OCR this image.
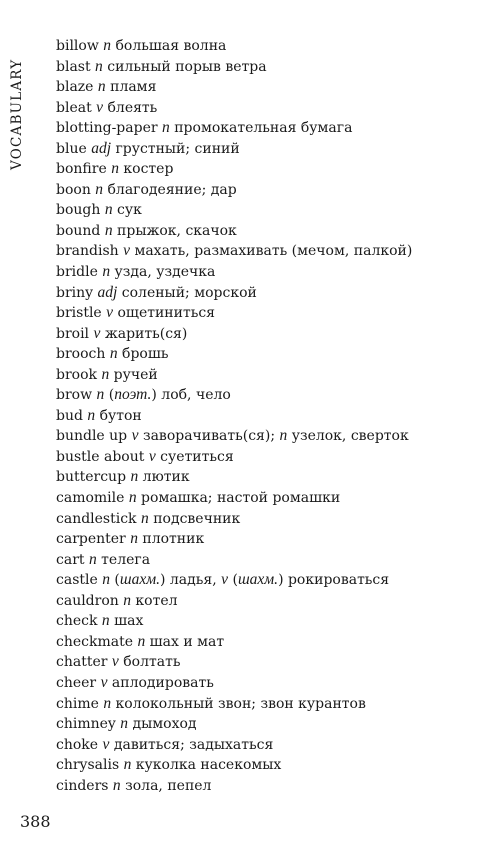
VOCABULARY
billow n большая волна
blast n сильный порыв ветра
blaze n пламя
bleat v блеять
blotting-paper n промокательная бумага
blue adj грустный; синий
bonfire n костер
boon n благодеяние; дар
bough n сук
bound n прыжок, скачок
brandish v махать, размахивать (мечом, палкой)
bridle n узда, уздечка
briny adj соленый; морской
bristle v ощетиниться
broil v жарить(ся)
brooch n брошь
brook n ручей
brow n (поэт.) лоб, чело
bud n бутон
bundle up v заворачивать(ся); n узелок, сверток
bustle about v суетиться
buttercup n лютик
camomile n ромашка; настой ромашки
candlestick n подсвечник
carpenter n плотник
cart n телега
castle n (шахм.) ладья, v (шахм.) рокироваться
cauldron n котел
check n шах
checkmate n шах и мат
chatter v болтать
cheer v аплодировать
chime n колокольный звон; звон курантов
chimney n дымоход
choke v давиться; задыхаться
chrysalis n куколка насекомых
cinders n зола, пепел
388
